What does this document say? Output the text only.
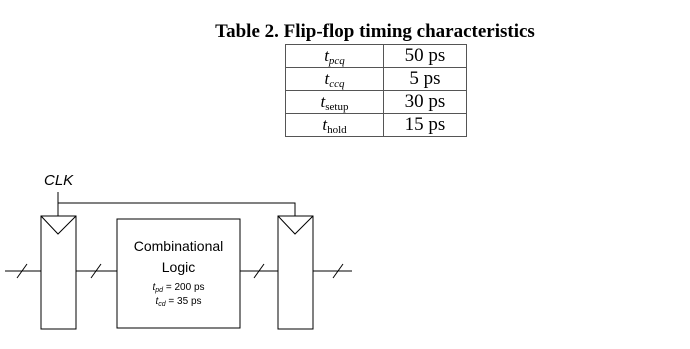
Table 2. Flip-flop timing characteristics
$t_{pcq}$	50 ps
$t_{ccq}$	5 ps
$t_{setup}$	30 ps
$t_{hold}$	15 ps
CLK
Combinational
Logic
$t_{pd} = 200$ ps
$t_{cd} = 35$ ps
